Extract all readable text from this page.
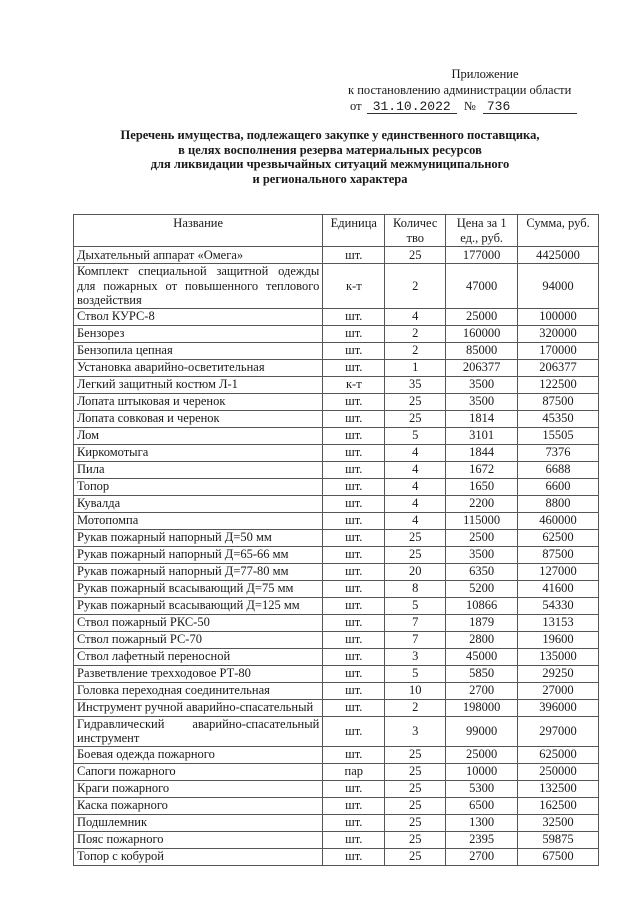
Приложение
к постановлению администрации области
от 31.10.2022 № 736
Перечень имущества, подлежащего закупке у единственного поставщика,
в целях восполнения резерва материальных ресурсов
для ликвидации чрезвычайных ситуаций межмуниципального
и регионального характера
Название	Единица	Количес тво	Цена за 1 ед., руб.	Сумма, руб.
Дыхательный аппарат «Омега»	шт.	25	177000	4425000
Комплект специальной защитной одежды для пожарных от повышенного теплового воздействия	к-т	2	47000	94000
Ствол КУРС-8	шт.	4	25000	100000
Бензорез	шт.	2	160000	320000
Бензопила цепная	шт.	2	85000	170000
Установка аварийно-осветительная	шт.	1	206377	206377
Легкий защитный костюм Л-1	к-т	35	3500	122500
Лопата штыковая и черенок	шт.	25	3500	87500
Лопата совковая и черенок	шт.	25	1814	45350
Лом	шт.	5	3101	15505
Киркомотыга	шт.	4	1844	7376
Пила	шт.	4	1672	6688
Топор	шт.	4	1650	6600
Кувалда	шт.	4	2200	8800
Мотопомпа	шт.	4	115000	460000
Рукав пожарный напорный Д=50 мм	шт.	25	2500	62500
Рукав пожарный напорный Д=65-66 мм	шт.	25	3500	87500
Рукав пожарный напорный Д=77-80 мм	шт.	20	6350	127000
Рукав пожарный всасывающий Д=75 мм	шт.	8	5200	41600
Рукав пожарный всасывающий Д=125 мм	шт.	5	10866	54330
Ствол пожарный РКС-50	шт.	7	1879	13153
Ствол пожарный РС-70	шт.	7	2800	19600
Ствол лафетный переносной	шт.	3	45000	135000
Разветвление трехходовое РТ-80	шт.	5	5850	29250
Головка переходная соединительная	шт.	10	2700	27000
Инструмент ручной аварийно-спасательный	шт.	2	198000	396000
Гидравлический аварийно-спасательный инструмент	шт.	3	99000	297000
Боевая одежда пожарного	шт.	25	25000	625000
Сапоги пожарного	пар	25	10000	250000
Краги пожарного	шт.	25	5300	132500
Каска пожарного	шт.	25	6500	162500
Подшлемник	шт.	25	1300	32500
Пояс пожарного	шт.	25	2395	59875
Топор с кобурой	шт.	25	2700	67500
